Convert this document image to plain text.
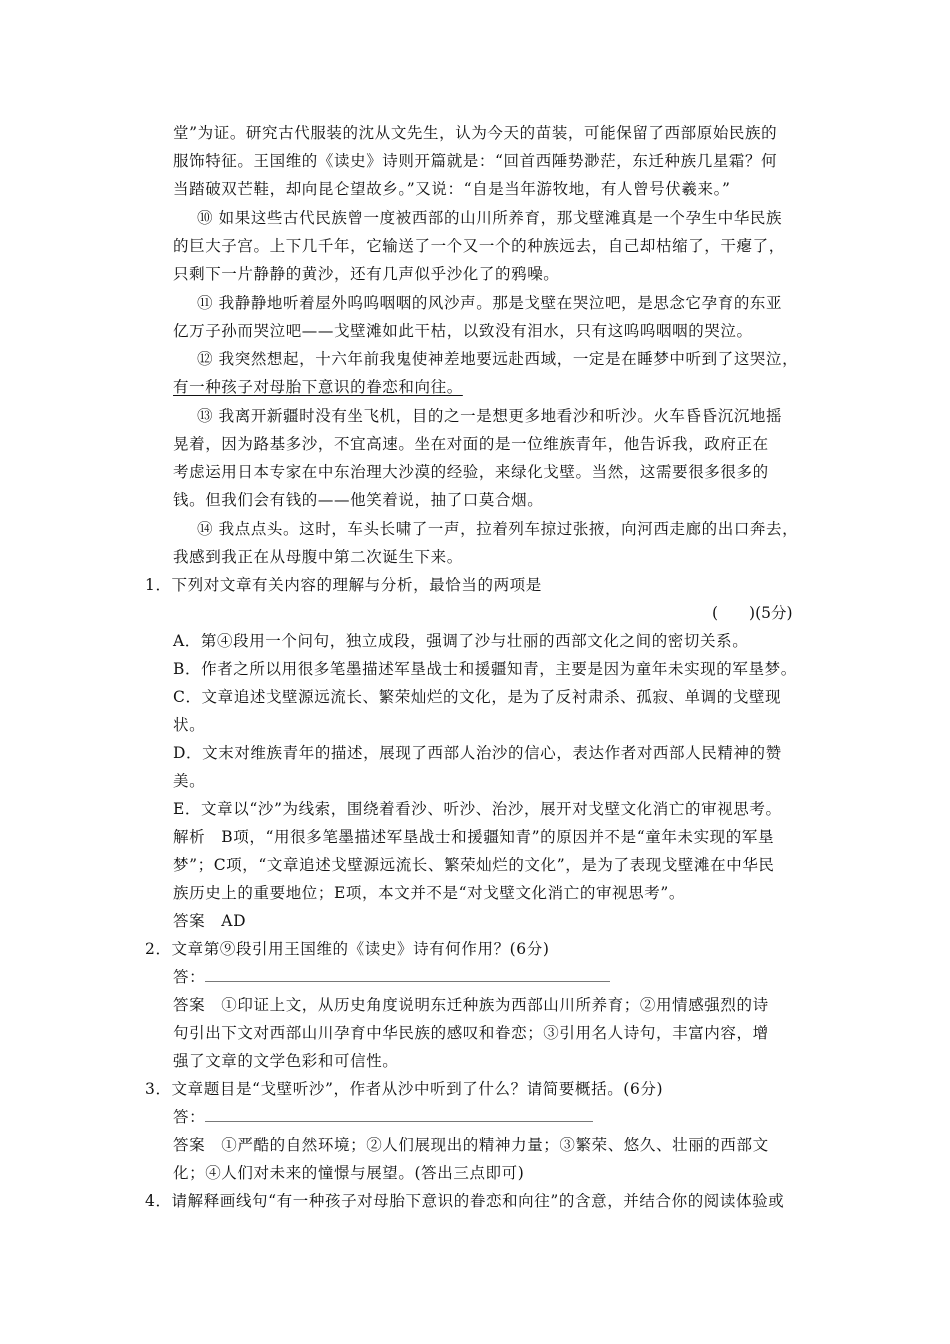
堂”为证。研究古代服装的沈从文先生，认为今天的苗装，可能保留了西部原始民族的
服饰特征。王国维的《读史》诗则开篇就是：“回首西陲势渺茫，东迁种族几星霜？何
当踏破双芒鞋，却向昆仑望故乡。”又说：“自是当年游牧地，有人曾号伏羲来。”
⑩ 如果这些古代民族曾一度被西部的山川所养育，那戈壁滩真是一个孕生中华民族
的巨大子宫。上下几千年，它输送了一个又一个的种族远去，自己却枯缩了，干瘪了，
只剩下一片静静的黄沙，还有几声似乎沙化了的鸦噪。
⑪ 我静静地听着屋外呜呜咽咽的风沙声。那是戈壁在哭泣吧，是思念它孕育的东亚
亿万子孙而哭泣吧——戈壁滩如此干枯，以致没有泪水，只有这呜呜咽咽的哭泣。
⑫ 我突然想起，十六年前我鬼使神差地要远赴西域，一定是在睡梦中听到了这哭泣，
有一种孩子对母胎下意识的眷恋和向往。
⑬ 我离开新疆时没有坐飞机，目的之一是想更多地看沙和听沙。火车昏昏沉沉地摇
晃着，因为路基多沙，不宜高速。坐在对面的是一位维族青年，他告诉我，政府正在
考虑运用日本专家在中东治理大沙漠的经验，来绿化戈壁。当然，这需要很多很多的
钱。但我们会有钱的——他笑着说，抽了口莫合烟。
⑭ 我点点头。这时，车头长啸了一声，拉着列车掠过张掖，向河西走廊的出口奔去，
我感到我正在从母腹中第二次诞生下来。
1．下列对文章有关内容的理解与分析，最恰当的两项是
(　　)(5分)
A．第④段用一个问句，独立成段，强调了沙与壮丽的西部文化之间的密切关系。
B．作者之所以用很多笔墨描述军垦战士和援疆知青，主要是因为童年未实现的军垦梦。
C．文章追述戈壁源远流长、繁荣灿烂的文化，是为了反衬肃杀、孤寂、单调的戈壁现
状。
D．文末对维族青年的描述，展现了西部人治沙的信心，表达作者对西部人民精神的赞
美。
E．文章以“沙”为线索，围绕着看沙、听沙、治沙，展开对戈壁文化消亡的审视思考。
解析　B项，“用很多笔墨描述军垦战士和援疆知青”的原因并不是“童年未实现的军垦
梦”；C项，“文章追述戈壁源远流长、繁荣灿烂的文化”，是为了表现戈壁滩在中华民
族历史上的重要地位；E项，本文并不是“对戈壁文化消亡的审视思考”。
答案　AD
2．文章第⑨段引用王国维的《读史》诗有何作用？(6分)
答：
答案　①印证上文，从历史角度说明东迁种族为西部山川所养育；②用情感强烈的诗
句引出下文对西部山川孕育中华民族的感叹和眷恋；③引用名人诗句，丰富内容，增
强了文章的文学色彩和可信性。
3．文章题目是“戈壁听沙”，作者从沙中听到了什么？请简要概括。(6分)
答：
答案　①严酷的自然环境；②人们展现出的精神力量；③繁荣、悠久、壮丽的西部文
化；④人们对未来的憧憬与展望。(答出三点即可)
4．请解释画线句“有一种孩子对母胎下意识的眷恋和向往”的含意，并结合你的阅读体验或
